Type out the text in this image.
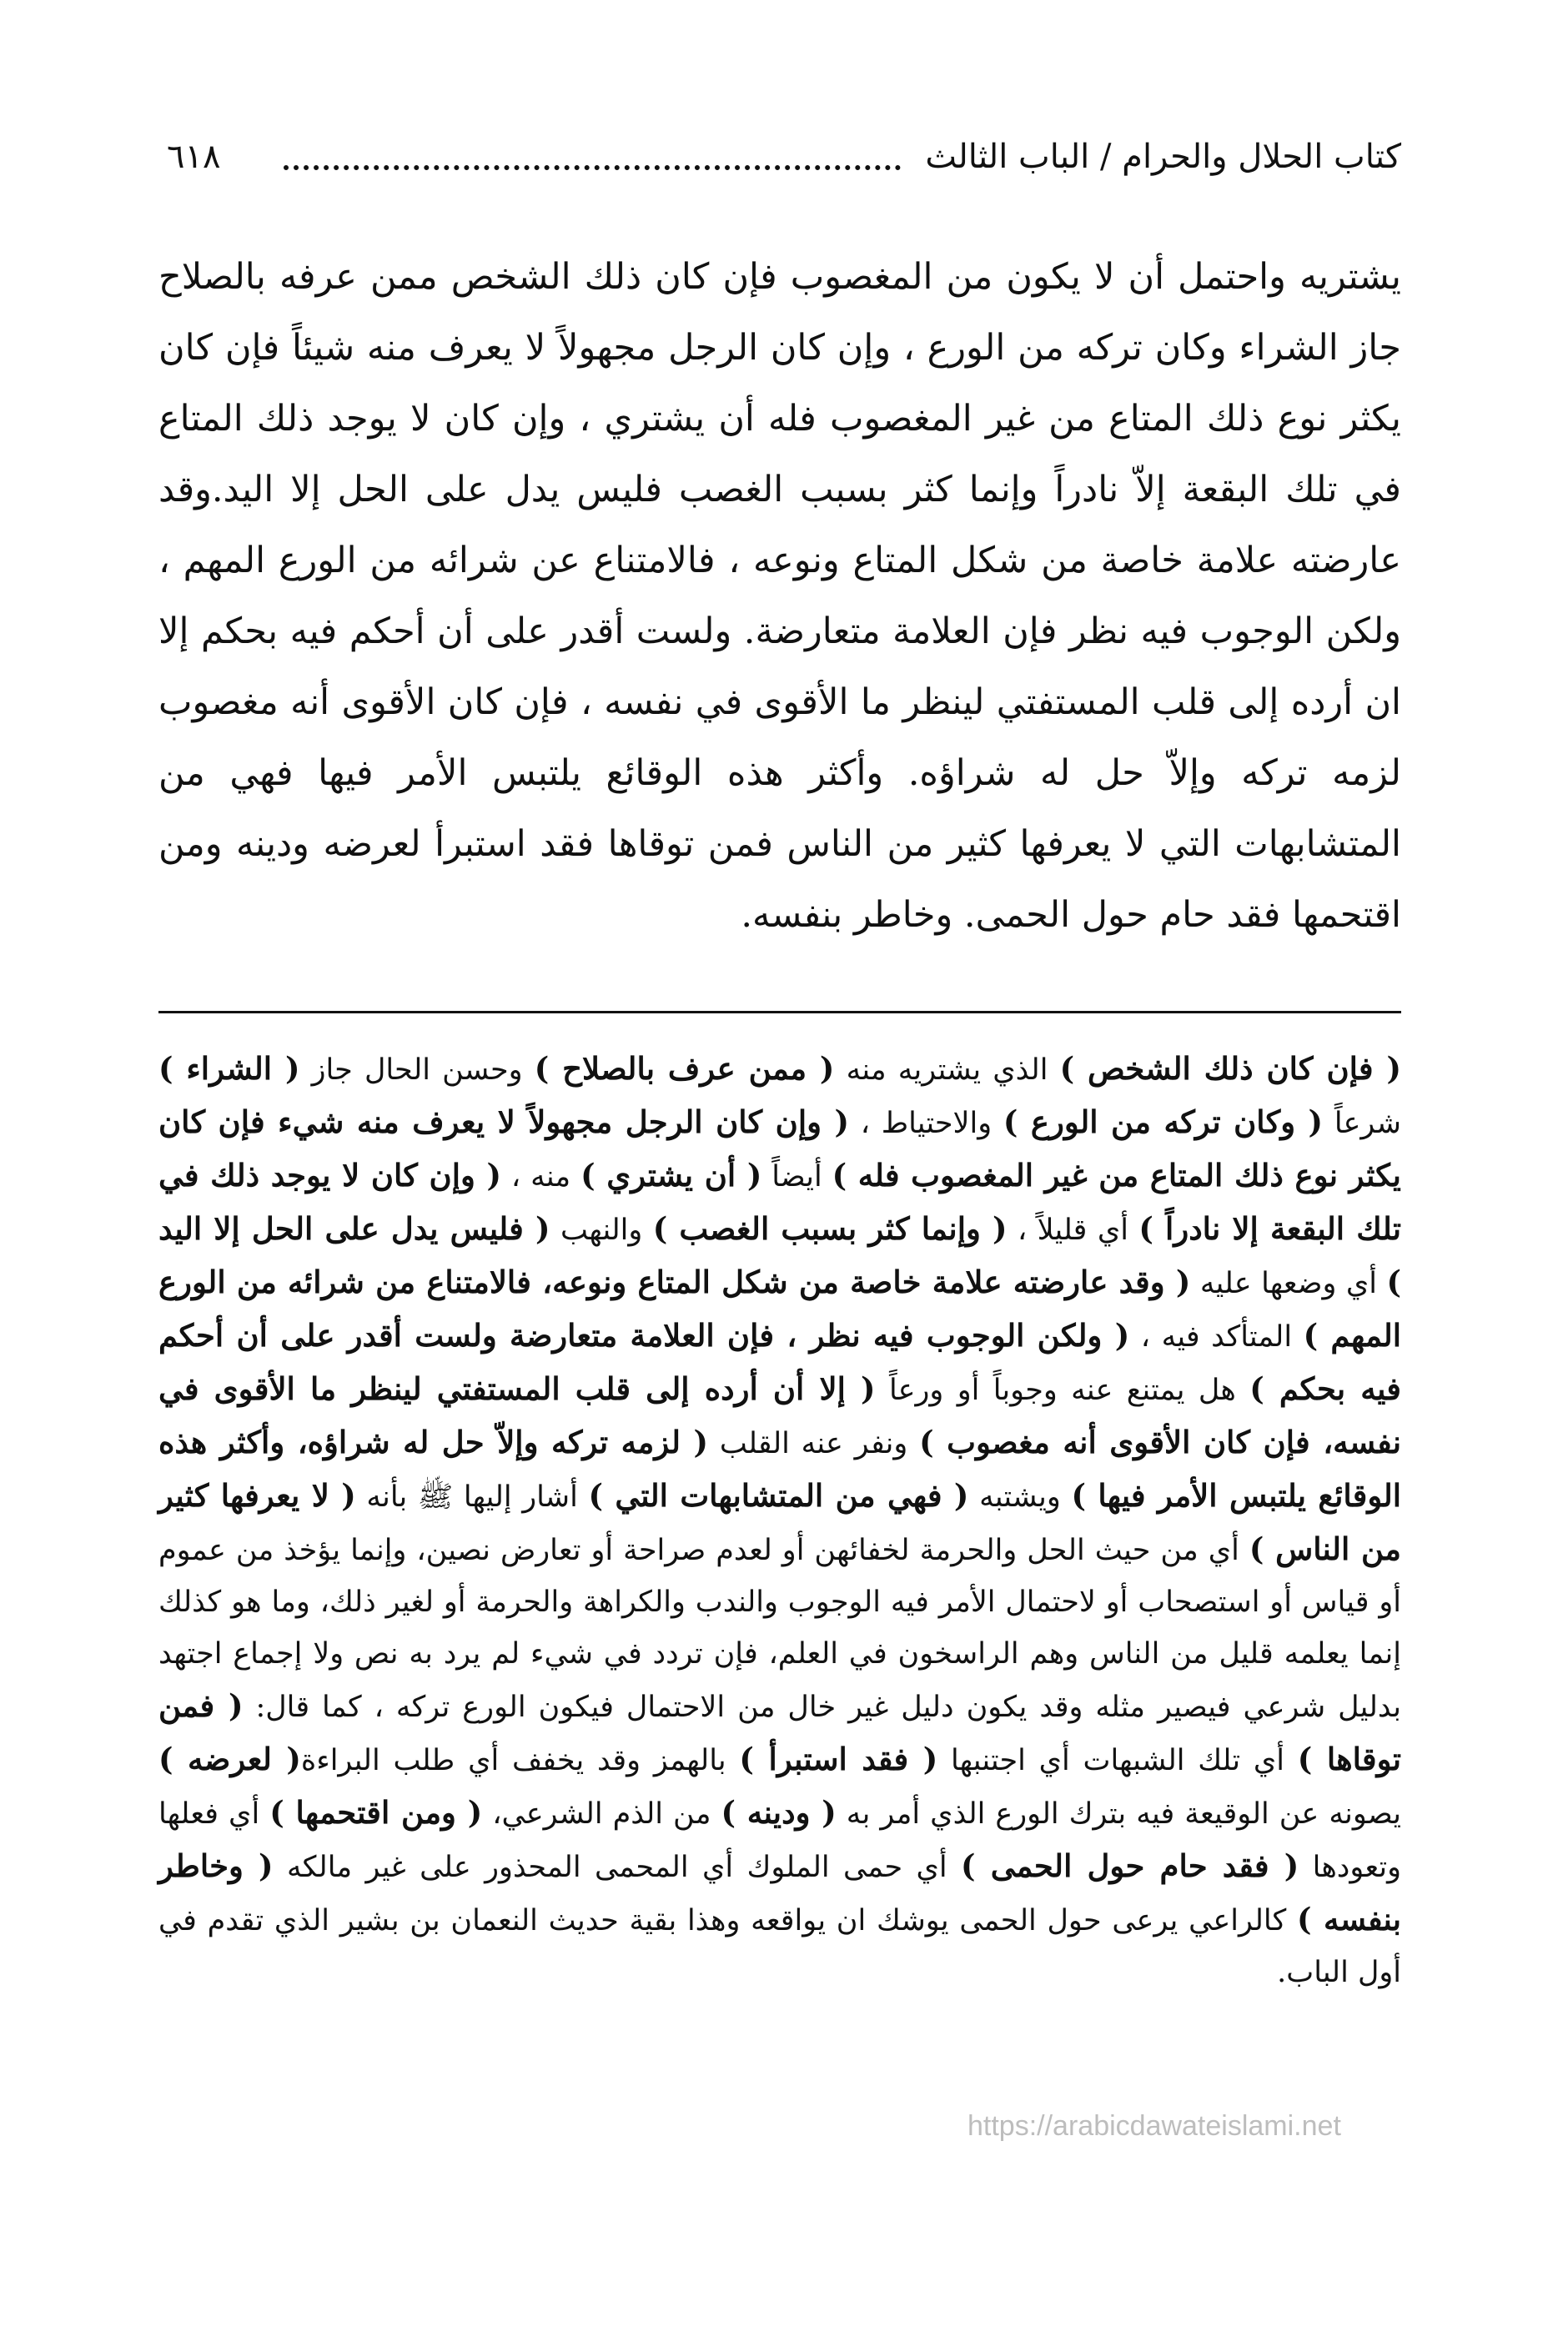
كتاب الحلال والحرام / الباب الثالث
٦١٨
يشتريه واحتمل أن لا يكون من المغصوب فإن كان ذلك الشخص ممن عرفه بالصلاح جاز الشراء وكان تركه من الورع ، وإن كان الرجل مجهولاً لا يعرف منه شيئاً فإن كان يكثر نوع ذلك المتاع من غير المغصوب فله أن يشتري ، وإن كان لا يوجد ذلك المتاع في تلك البقعة إلاّ نادراً وإنما كثر بسبب الغصب فليس يدل على الحل إلا اليد.وقد عارضته علامة خاصة من شكل المتاع ونوعه ، فالامتناع عن شرائه من الورع المهم ، ولكن الوجوب فيه نظر فإن العلامة متعارضة. ولست أقدر على أن أحكم فيه بحكم إلا ان أرده إلى قلب المستفتي لينظر ما الأقوى في نفسه ، فإن كان الأقوى أنه مغصوب لزمه تركه وإلاّ حل له شراؤه. وأكثر هذه الوقائع يلتبس الأمر فيها فهي من المتشابهات التي لا يعرفها كثير من الناس فمن توقاها فقد استبرأ لعرضه ودينه ومن اقتحمها فقد حام حول الحمى. وخاطر بنفسه.
( فإن كان ذلك الشخص ) الذي يشتريه منه ( ممن عرف بالصلاح ) وحسن الحال جاز ( الشراء ) شرعاً ( وكان تركه من الورع ) والاحتياط ، ( وإن كان الرجل مجهولاً لا يعرف منه شيء فإن كان يكثر نوع ذلك المتاع من غير المغصوب فله ) أيضاً ( أن يشتري ) منه ، ( وإن كان لا يوجد ذلك في تلك البقعة إلا نادراً ) أي قليلاً ، ( وإنما كثر بسبب الغصب ) والنهب ( فليس يدل على الحل إلا اليد ) أي وضعها عليه ( وقد عارضته علامة خاصة من شكل المتاع ونوعه، فالامتناع من شرائه من الورع المهم ) المتأكد فيه ، ( ولكن الوجوب فيه نظر ، فإن العلامة متعارضة ولست أقدر على أن أحكم فيه بحكم ) هل يمتنع عنه وجوباً أو ورعاً ( إلا أن أرده إلى قلب المستفتي لينظر ما الأقوى في نفسه، فإن كان الأقوى أنه مغصوب ) ونفر عنه القلب ( لزمه تركه وإلاّ حل له شراؤه، وأكثر هذه الوقائع يلتبس الأمر فيها ) ويشتبه ( فهي من المتشابهات التي ) أشار إليها ﷺ بأنه ( لا يعرفها كثير من الناس ) أي من حيث الحل والحرمة لخفائهن أو لعدم صراحة أو تعارض نصين، وإنما يؤخذ من عموم أو قياس أو استصحاب أو لاحتمال الأمر فيه الوجوب والندب والكراهة والحرمة أو لغير ذلك، وما هو كذلك إنما يعلمه قليل من الناس وهم الراسخون في العلم، فإن تردد في شيء لم يرد به نص ولا إجماع اجتهد بدليل شرعي فيصير مثله وقد يكون دليل غير خال من الاحتمال فيكون الورع تركه ، كما قال: ( فمن توقاها ) أي تلك الشبهات أي اجتنبها ( فقد استبرأ ) بالهمز وقد يخفف أي طلب البراءة( لعرضه ) يصونه عن الوقيعة فيه بترك الورع الذي أمر به ( ودينه ) من الذم الشرعي، ( ومن اقتحمها ) أي فعلها وتعودها ( فقد حام حول الحمى ) أي حمى الملوك أي المحمى المحذور على غير مالكه ( وخاطر بنفسه ) كالراعي يرعى حول الحمى يوشك ان يواقعه وهذا بقية حديث النعمان بن بشير الذي تقدم في أول الباب.
https://arabicdawateislami.net
